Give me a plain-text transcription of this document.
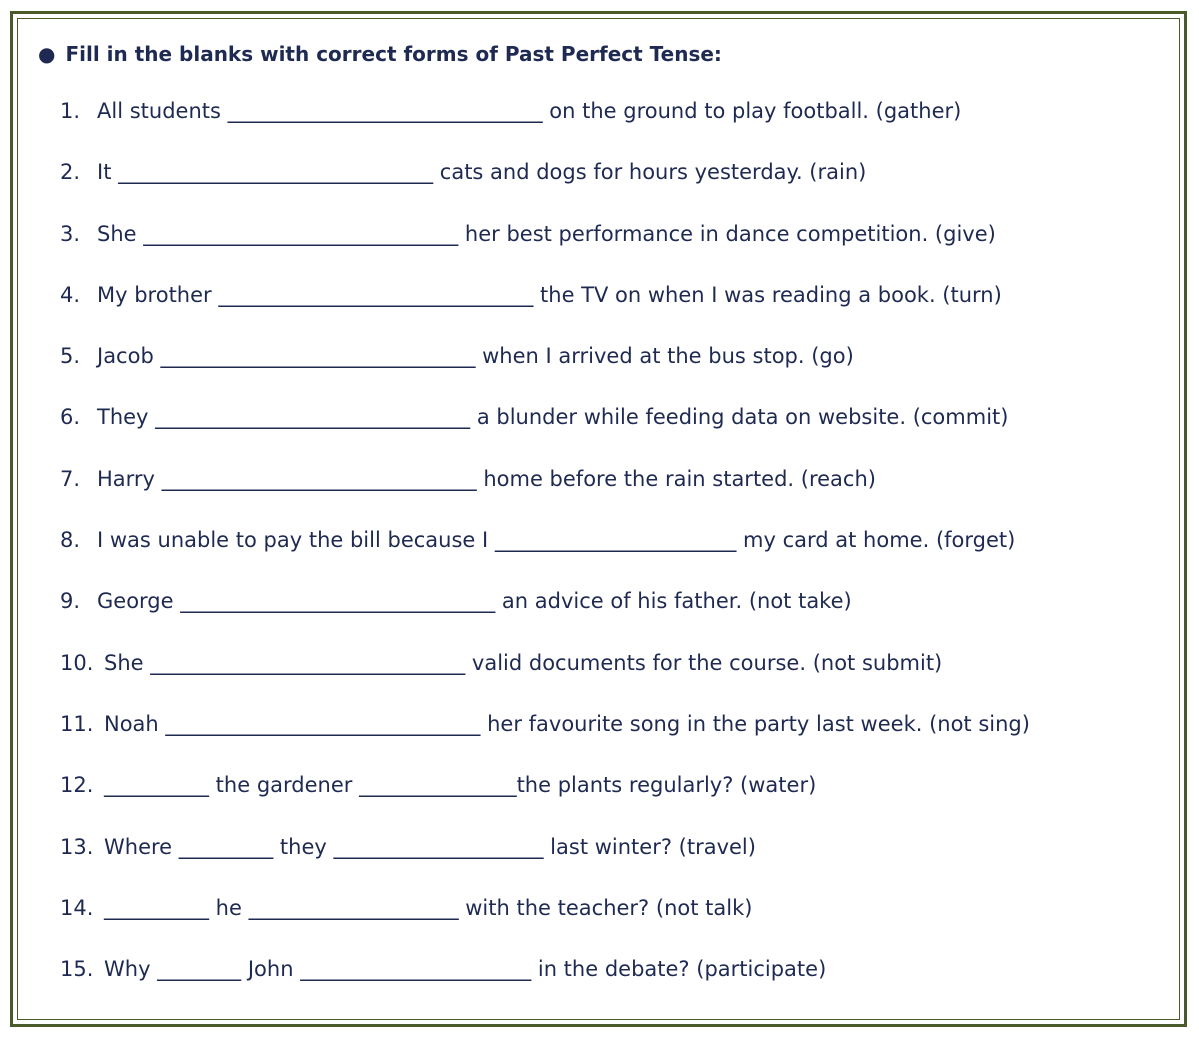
● Fill in the blanks with correct forms of Past Perfect Tense:
1. All students ______________________________ on the ground to play football. (gather)
2. It ______________________________ cats and dogs for hours yesterday. (rain)
3. She ______________________________ her best performance in dance competition. (give)
4. My brother ______________________________ the TV on when I was reading a book. (turn)
5. Jacob ______________________________ when I arrived at the bus stop. (go)
6. They ______________________________ a blunder while feeding data on website. (commit)
7. Harry ______________________________ home before the rain started. (reach)
8. I was unable to pay the bill because I _______________________ my card at home. (forget)
9. George ______________________________ an advice of his father. (not take)
10. She ______________________________ valid documents for the course. (not submit)
11. Noah ______________________________ her favourite song in the party last week. (not sing)
12. __________ the gardener _______________the plants regularly? (water)
13. Where _________ they ____________________ last winter? (travel)
14. __________ he ____________________ with the teacher? (not talk)
15. Why ________ John ______________________ in the debate? (participate)
